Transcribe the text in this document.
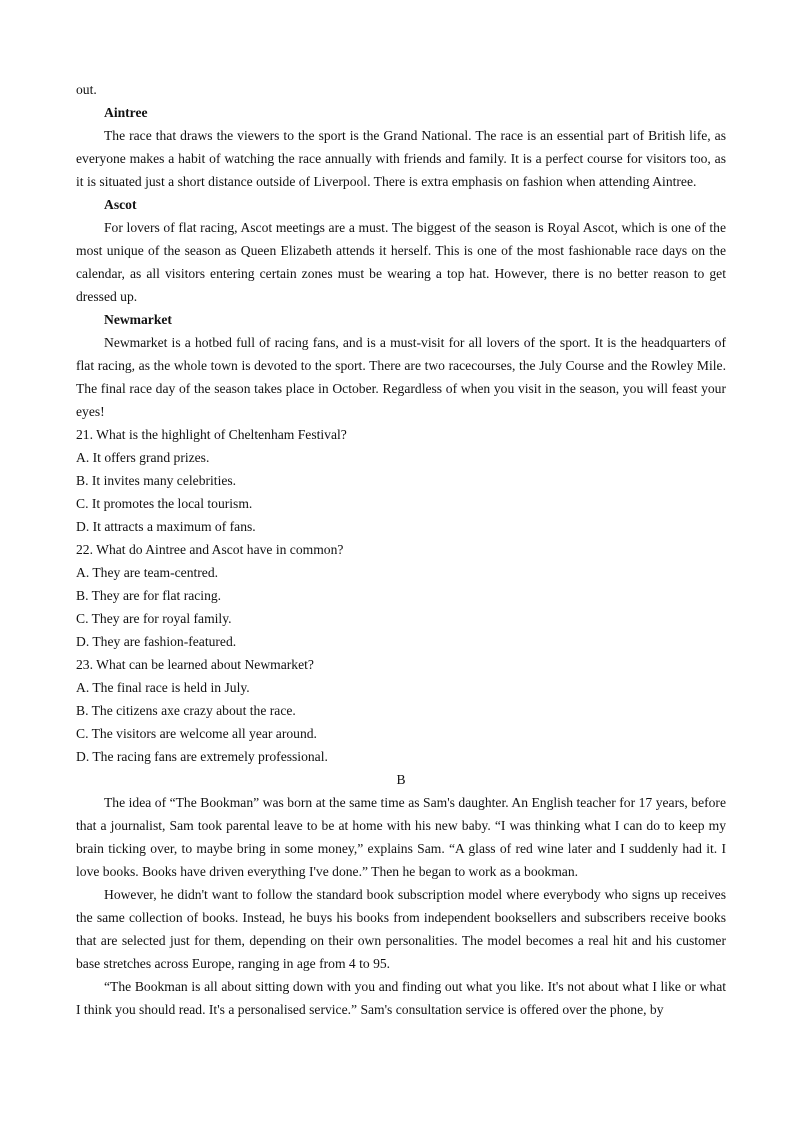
out.

Aintree

The race that draws the viewers to the sport is the Grand National. The race is an essential part of British life, as everyone makes a habit of watching the race annually with friends and family. It is a perfect course for visitors too, as it is situated just a short distance outside of Liverpool. There is extra emphasis on fashion when attending Aintree.

Ascot

For lovers of flat racing, Ascot meetings are a must. The biggest of the season is Royal Ascot, which is one of the most unique of the season as Queen Elizabeth attends it herself. This is one of the most fashionable race days on the calendar, as all visitors entering certain zones must be wearing a top hat. However, there is no better reason to get dressed up.

Newmarket

Newmarket is a hotbed full of racing fans, and is a must-visit for all lovers of the sport. It is the headquarters of flat racing, as the whole town is devoted to the sport. There are two racecourses, the July Course and the Rowley Mile. The final race day of the season takes place in October. Regardless of when you visit in the season, you will feast your eyes!

21. What is the highlight of Cheltenham Festival?

A. It offers grand prizes.

B. It invites many celebrities.

C. It promotes the local tourism.

D. It attracts a maximum of fans.

22. What do Aintree and Ascot have in common?

A. They are team-centred.

B. They are for flat racing.

C. They are for royal family.

D. They are fashion-featured.

23. What can be learned about Newmarket?

A. The final race is held in July.

B. The citizens axe crazy about the race.

C. The visitors are welcome all year around.

D. The racing fans are extremely professional.

B

The idea of “The Bookman” was born at the same time as Sam's daughter. An English teacher for 17 years, before that a journalist, Sam took parental leave to be at home with his new baby. “I was thinking what I can do to keep my brain ticking over, to maybe bring in some money,” explains Sam. “A glass of red wine later and I suddenly had it. I love books. Books have driven everything I've done.” Then he began to work as a bookman.

However, he didn't want to follow the standard book subscription model where everybody who signs up receives the same collection of books. Instead, he buys his books from independent booksellers and subscribers receive books that are selected just for them, depending on their own personalities. The model becomes a real hit and his customer base stretches across Europe, ranging in age from 4 to 95.

“The Bookman is all about sitting down with you and finding out what you like. It's not about what I like or what I think you should read. It's a personalised service.” Sam's consultation service is offered over the phone, by
